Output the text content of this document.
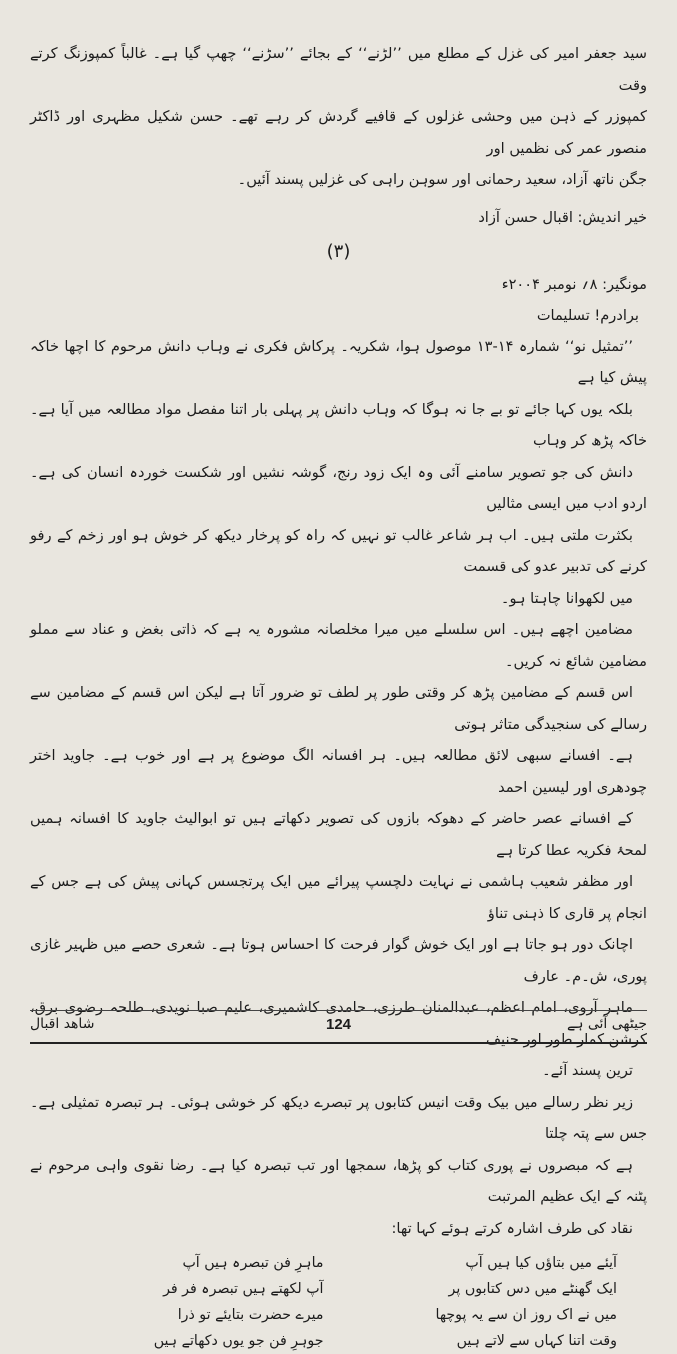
سید جعفر امیر کی غزل کے مطلع میں ’’لڑنے‘‘ کے بجائے ’’سڑنے‘‘ چھپ گیا ہے۔ غالباً کمپوزنگ کرتے وقت
کمپوزر کے ذہن میں وحشی غزلوں کے قافیے گردش کر رہے تھے۔ حسن شکیل مظہری اور ڈاکٹر منصور عمر کی نظمیں اور
جگن ناتھ آزاد، سعید رحمانی اور سوہن راہی کی غزلیں پسند آئیں۔
خیر اندیش: اقبال حسن آزاد
(۳)
مونگیر: ۸؍ نومبر ۲۰۰۴ء
برادرم! تسلیمات
’’تمثیل نو‘‘ شمارہ ۱۴-۱۳ موصول ہوا، شکریہ۔ پرکاش فکری نے وہاب دانش مرحوم کا اچھا خاکہ پیش کیا ہے
بلکہ یوں کہا جائے تو بے جا نہ ہوگا کہ وہاب دانش پر پہلی بار اتنا مفصل مواد مطالعہ میں آیا ہے۔ خاکہ پڑھ کر وہاب
دانش کی جو تصویر سامنے آئی وہ ایک زود رنج، گوشہ نشیں اور شکست خوردہ انسان کی ہے۔ اردو ادب میں ایسی مثالیں
بکثرت ملتی ہیں۔ اب ہر شاعر غالب تو نہیں کہ راہ کو پرخار دیکھ کر خوش ہو اور زخم کے رفو کرنے کی تدبیر عدو کی قسمت
میں لکھوانا چاہتا ہو۔
مضامین اچھے ہیں۔ اس سلسلے میں میرا مخلصانہ مشورہ یہ ہے کہ ذاتی بغض و عناد سے مملو مضامین شائع نہ کریں۔
اس قسم کے مضامین پڑھ کر وقتی طور پر لطف تو ضرور آتا ہے لیکن اس قسم کے مضامین سے رسالے کی سنجیدگی متاثر ہوتی
ہے۔ افسانے سبھی لائق مطالعہ ہیں۔ ہر افسانہ الگ موضوع پر ہے اور خوب ہے۔ جاوید اختر چودھری اور لیسین احمد
کے افسانے عصر حاضر کے دھوکہ بازوں کی تصویر دکھاتے ہیں تو ابوالیث جاوید کا افسانہ ہمیں لمحۂ فکریہ عطا کرتا ہے
اور مظفر شعیب ہاشمی نے نہایت دلچسپ پیرائے میں ایک پرتجسس کہانی پیش کی ہے جس کے انجام پر قاری کا ذہنی تناؤ
اچانک دور ہو جاتا ہے اور ایک خوش گوار فرحت کا احساس ہوتا ہے۔ شعری حصے میں ظہیر غازی پوری، ش۔م۔ عارف
ماہر آروی، امام اعظم، عبدالمنان طرزی، حامدی کاشمیری، علیم صبا نویدی، طلحہ رضوی برق، کرشن کمار طور اور حنیف
ترین پسند آئے۔
زیر نظر رسالے میں بیک وقت انیس کتابوں پر تبصرے دیکھ کر خوشی ہوئی۔ ہر تبصرہ تمثیلی ہے۔ جس سے پتہ چلتا
ہے کہ مبصروں نے پوری کتاب کو پڑھا، سمجھا اور تب تبصرہ کیا ہے۔ رضا نقوی واہی مرحوم نے پٹنہ کے ایک عظیم المرتبت
نقاد کی طرف اشارہ کرتے ہوئے کہا تھا:
آیئے میں بتاؤں کیا ہیں آپ
ماہرِ فن تبصرہ ہیں آپ
ایک گھنٹے میں دس کتابوں پر
آپ لکھتے ہیں تبصرہ فر فر
میں نے اک روز ان سے یہ پوچھا
میرے حضرت بتایئے تو ذرا
وقت اتنا کہاں سے لاتے ہیں
جوہرِ فن جو یوں دکھاتے ہیں
جیٹھی آئی ہے
124
شاهد اقبال
